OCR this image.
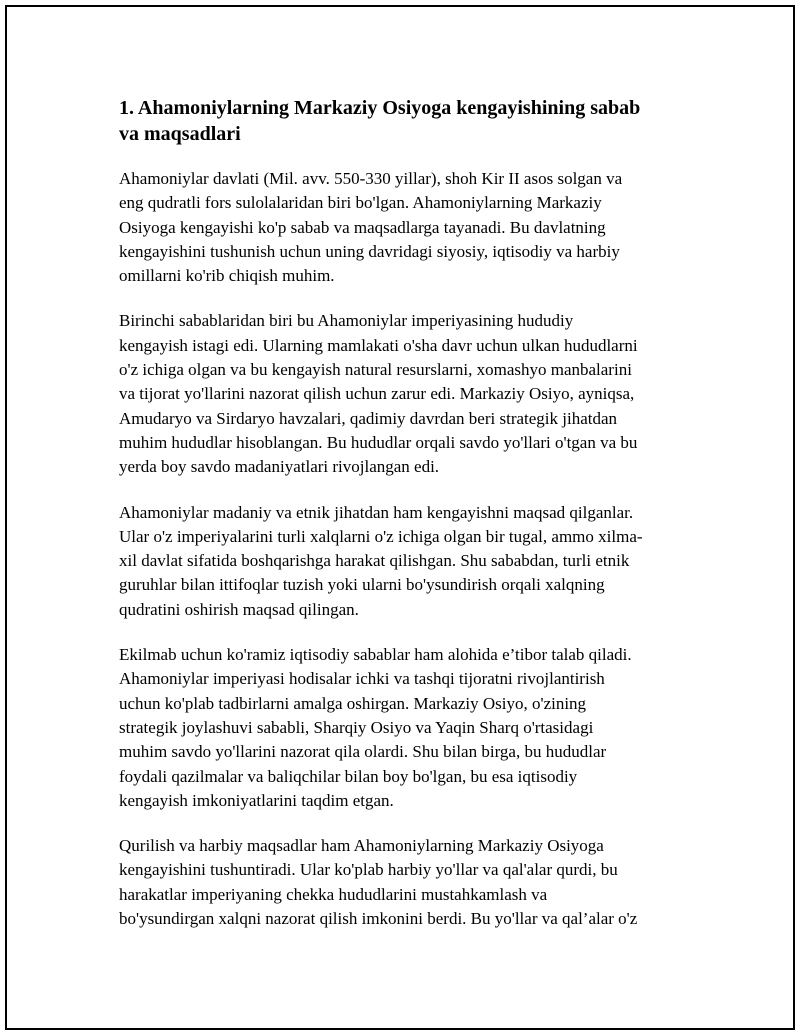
1. Ahamoniylarning Markaziy Osiyoga kengayishining sabab
va maqsadlari

Ahamoniylar davlati (Mil. avv. 550-330 yillar), shoh Kir II asos solgan va
eng qudratli fors sulolalaridan biri bo'lgan. Ahamoniylarning Markaziy
Osiyoga kengayishi ko'p sabab va maqsadlarga tayanadi. Bu davlatning
kengayishini tushunish uchun uning davridagi siyosiy, iqtisodiy va harbiy
omillarni ko'rib chiqish muhim.

Birinchi sabablaridan biri bu Ahamoniylar imperiyasining hududiy
kengayish istagi edi. Ularning mamlakati o'sha davr uchun ulkan hududlarni
o'z ichiga olgan va bu kengayish natural resurslarni, xomashyo manbalarini
va tijorat yo'llarini nazorat qilish uchun zarur edi. Markaziy Osiyo, ayniqsa,
Amudaryo va Sirdaryo havzalari, qadimiy davrdan beri strategik jihatdan
muhim hududlar hisoblangan. Bu hududlar orqali savdo yo'llari o'tgan va bu
yerda boy savdo madaniyatlari rivojlangan edi.

Ahamoniylar madaniy va etnik jihatdan ham kengayishni maqsad qilganlar.
Ular o'z imperiyalarini turli xalqlarni o'z ichiga olgan bir tugal, ammo xilma-
xil davlat sifatida boshqarishga harakat qilishgan. Shu sababdan, turli etnik
guruhlar bilan ittifoqlar tuzish yoki ularni bo'ysundirish orqali xalqning
qudratini oshirish maqsad qilingan.

Ekilmab uchun ko'ramiz iqtisodiy sabablar ham alohida e’tibor talab qiladi.
Ahamoniylar imperiyasi hodisalar ichki va tashqi tijoratni rivojlantirish
uchun ko'plab tadbirlarni amalga oshirgan. Markaziy Osiyo, o'zining
strategik joylashuvi sababli, Sharqiy Osiyo va Yaqin Sharq o'rtasidagi
muhim savdo yo'llarini nazorat qila olardi. Shu bilan birga, bu hududlar
foydali qazilmalar va baliqchilar bilan boy bo'lgan, bu esa iqtisodiy
kengayish imkoniyatlarini taqdim etgan.

Qurilish va harbiy maqsadlar ham Ahamoniylarning Markaziy Osiyoga
kengayishini tushuntiradi. Ular ko'plab harbiy yo'llar va qal'alar qurdi, bu
harakatlar imperiyaning chekka hududlarini mustahkamlash va
bo'ysundirgan xalqni nazorat qilish imkonini berdi. Bu yo'llar va qal’alar o'z
